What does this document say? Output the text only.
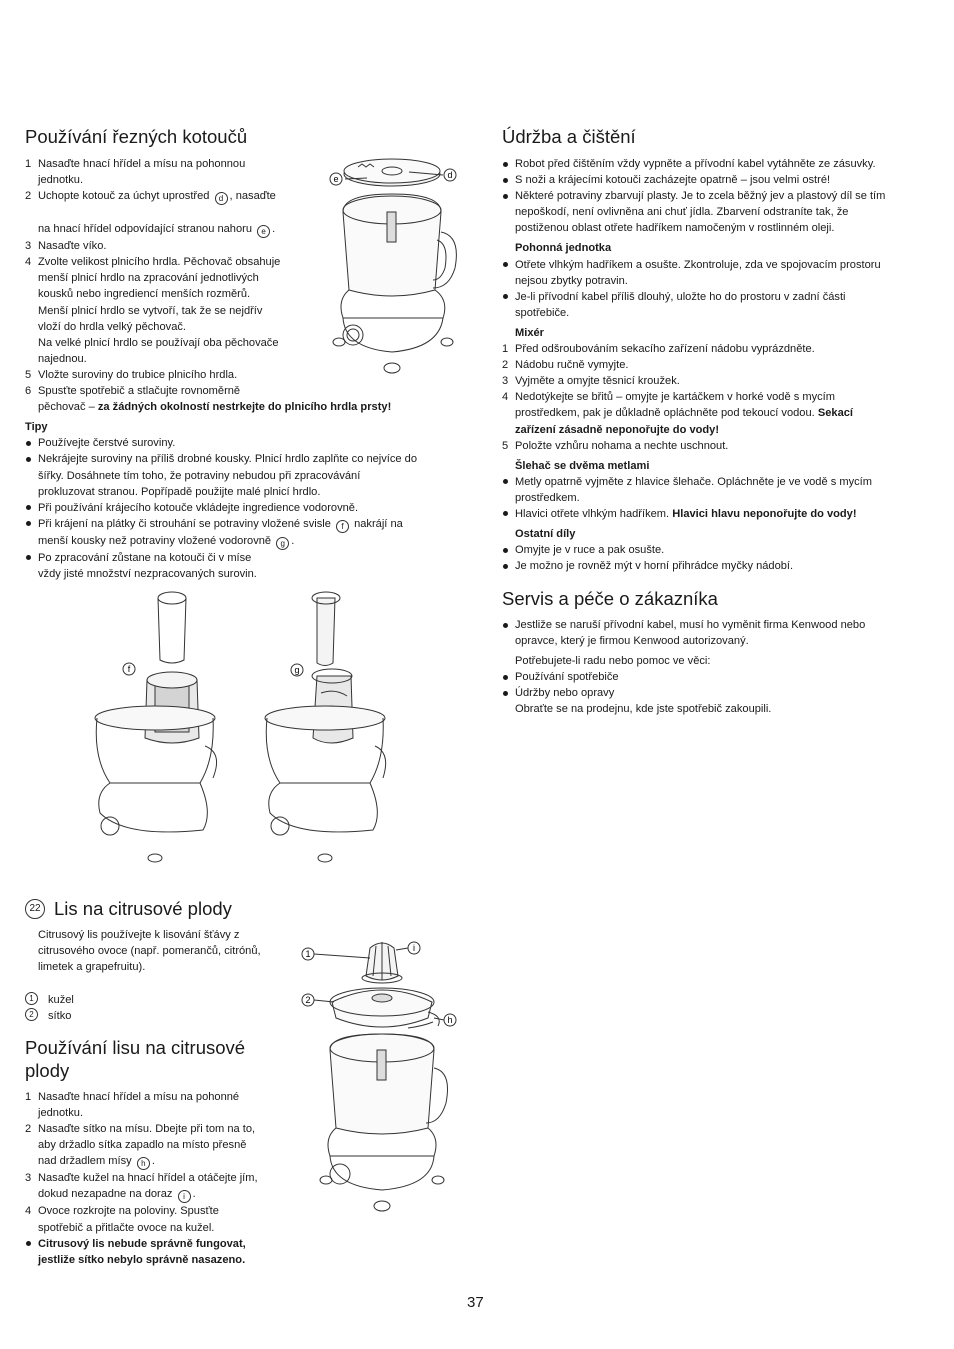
Používání řezných kotoučů
1 Nasaďte hnací hřídel a mísu na pohonnou
jednotku.
2 Uchopte kotouč za úchyt uprostřed d , nasaďte
na hnací hřídel odpovídající stranou nahoru e .
3 Nasaďte víko.
4 Zvolte velikost plnicího hrdla. Pěchovač obsahuje
menší plnicí hrdlo na zpracování jednotlivých
kousků nebo ingrediencí menších rozměrů.
Menší plnicí hrdlo se vytvoří, tak že se nejdřív
vloží do hrdla velký pěchovač.
Na velké plnicí hrdlo se používají oba pěchovače
najednou.
5 Vložte suroviny do trubice plnicího hrdla.
6 Spusťte spotřebič a stlačujte rovnoměrně
pěchovač – za žádných okolností nestrkejte do plnicího hrdla prsty!
Tipy
Používejte čerstvé suroviny.
Nekrájejte suroviny na příliš drobné kousky. Plnicí hrdlo zaplňte co nejvíce do
šířky. Dosáhnete tím toho, že potraviny nebudou při zpracovávání
prokluzovat stranou. Popřípadě použijte malé plnicí hrdlo.
Při používání krájecího kotouče vkládejte ingredience vodorovně.
Při krájení na plátky či strouhání se potraviny vložené svisle f nakrájí na
menší kousky než potraviny vložené vodorovně g .
Po zpracování zůstane na kotouči či v míse
vždy jisté množství nezpracovaných surovin.
e	d
f	g
22 Lis na citrusové plody
Citrusový lis používejte k lisování šťávy z
citrusového ovoce (např. pomerančů, citrónů,
limetek a grapefruitu).
1	kužel
2	sítko
Používání lisu na citrusové
plody
1 Nasaďte hnací hřídel a mísu na pohonné
jednotku.
2 Nasaďte sítko na mísu. Dbejte při tom na to,
aby držadlo sítka zapadlo na místo přesně
nad držadlem mísy h .
3 Nasaďte kužel na hnací hřídel a otáčejte jím,
dokud nezapadne na doraz i .
4 Ovoce rozkrojte na poloviny. Spusťte
spotřebič a přitlačte ovoce na kužel.
Citrusový lis nebude správně fungovat,
jestliže sítko nebylo správně nasazeno.
1
2
i
h
Údržba a čištění
Robot před čištěním vždy vypněte a přívodní kabel vytáhněte ze zásuvky.
S noži a krájecími kotouči zacházejte opatrně – jsou velmi ostré!
Některé potraviny zbarvují plasty. Je to zcela běžný jev a plastový díl se tím
nepoškodí, není ovlivněna ani chuť jídla. Zbarvení odstraníte tak, že
postiženou oblast otřete hadříkem namočeným v rostlinném oleji.
Pohonná jednotka
Otřete vlhkým hadříkem a osušte. Zkontroluje, zda ve spojovacím prostoru
nejsou zbytky potravin.
Je-li přívodní kabel příliš dlouhý, uložte ho do prostoru v zadní části
spotřebiče.
Mixér
1 Před odšroubováním sekacího zařízení nádobu vyprázdněte.
2 Nádobu ručně vymyjte.
3 Vyjměte a omyjte těsnicí kroužek.
4 Nedotýkejte se břitů – omyjte je kartáčkem v horké vodě s mycím
prostředkem, pak je důkladně opláchněte pod tekoucí vodou. Sekací
zařízení zásadně neponořujte do vody!
5 Položte vzhůru nohama a nechte uschnout.
Šlehač se dvěma metlami
Metly opatrně vyjměte z hlavice šlehače. Opláchněte je ve vodě s mycím
prostředkem.
Hlavici otřete vlhkým hadříkem. Hlavici hlavu neponořujte do vody!
Ostatní díly
Omyjte je v ruce a pak osušte.
Je možno je rovněž mýt v horní přihrádce myčky nádobí.
Servis a péče o zákazníka
Jestliže se naruší přívodní kabel, musí ho vyměnit firma Kenwood nebo
opravce, který je firmou Kenwood autorizovaný.
Potřebujete-li radu nebo pomoc ve věci:
Používání spotřebiče
Údržby nebo opravy
Obraťte se na prodejnu, kde jste spotřebič zakoupili.
37
